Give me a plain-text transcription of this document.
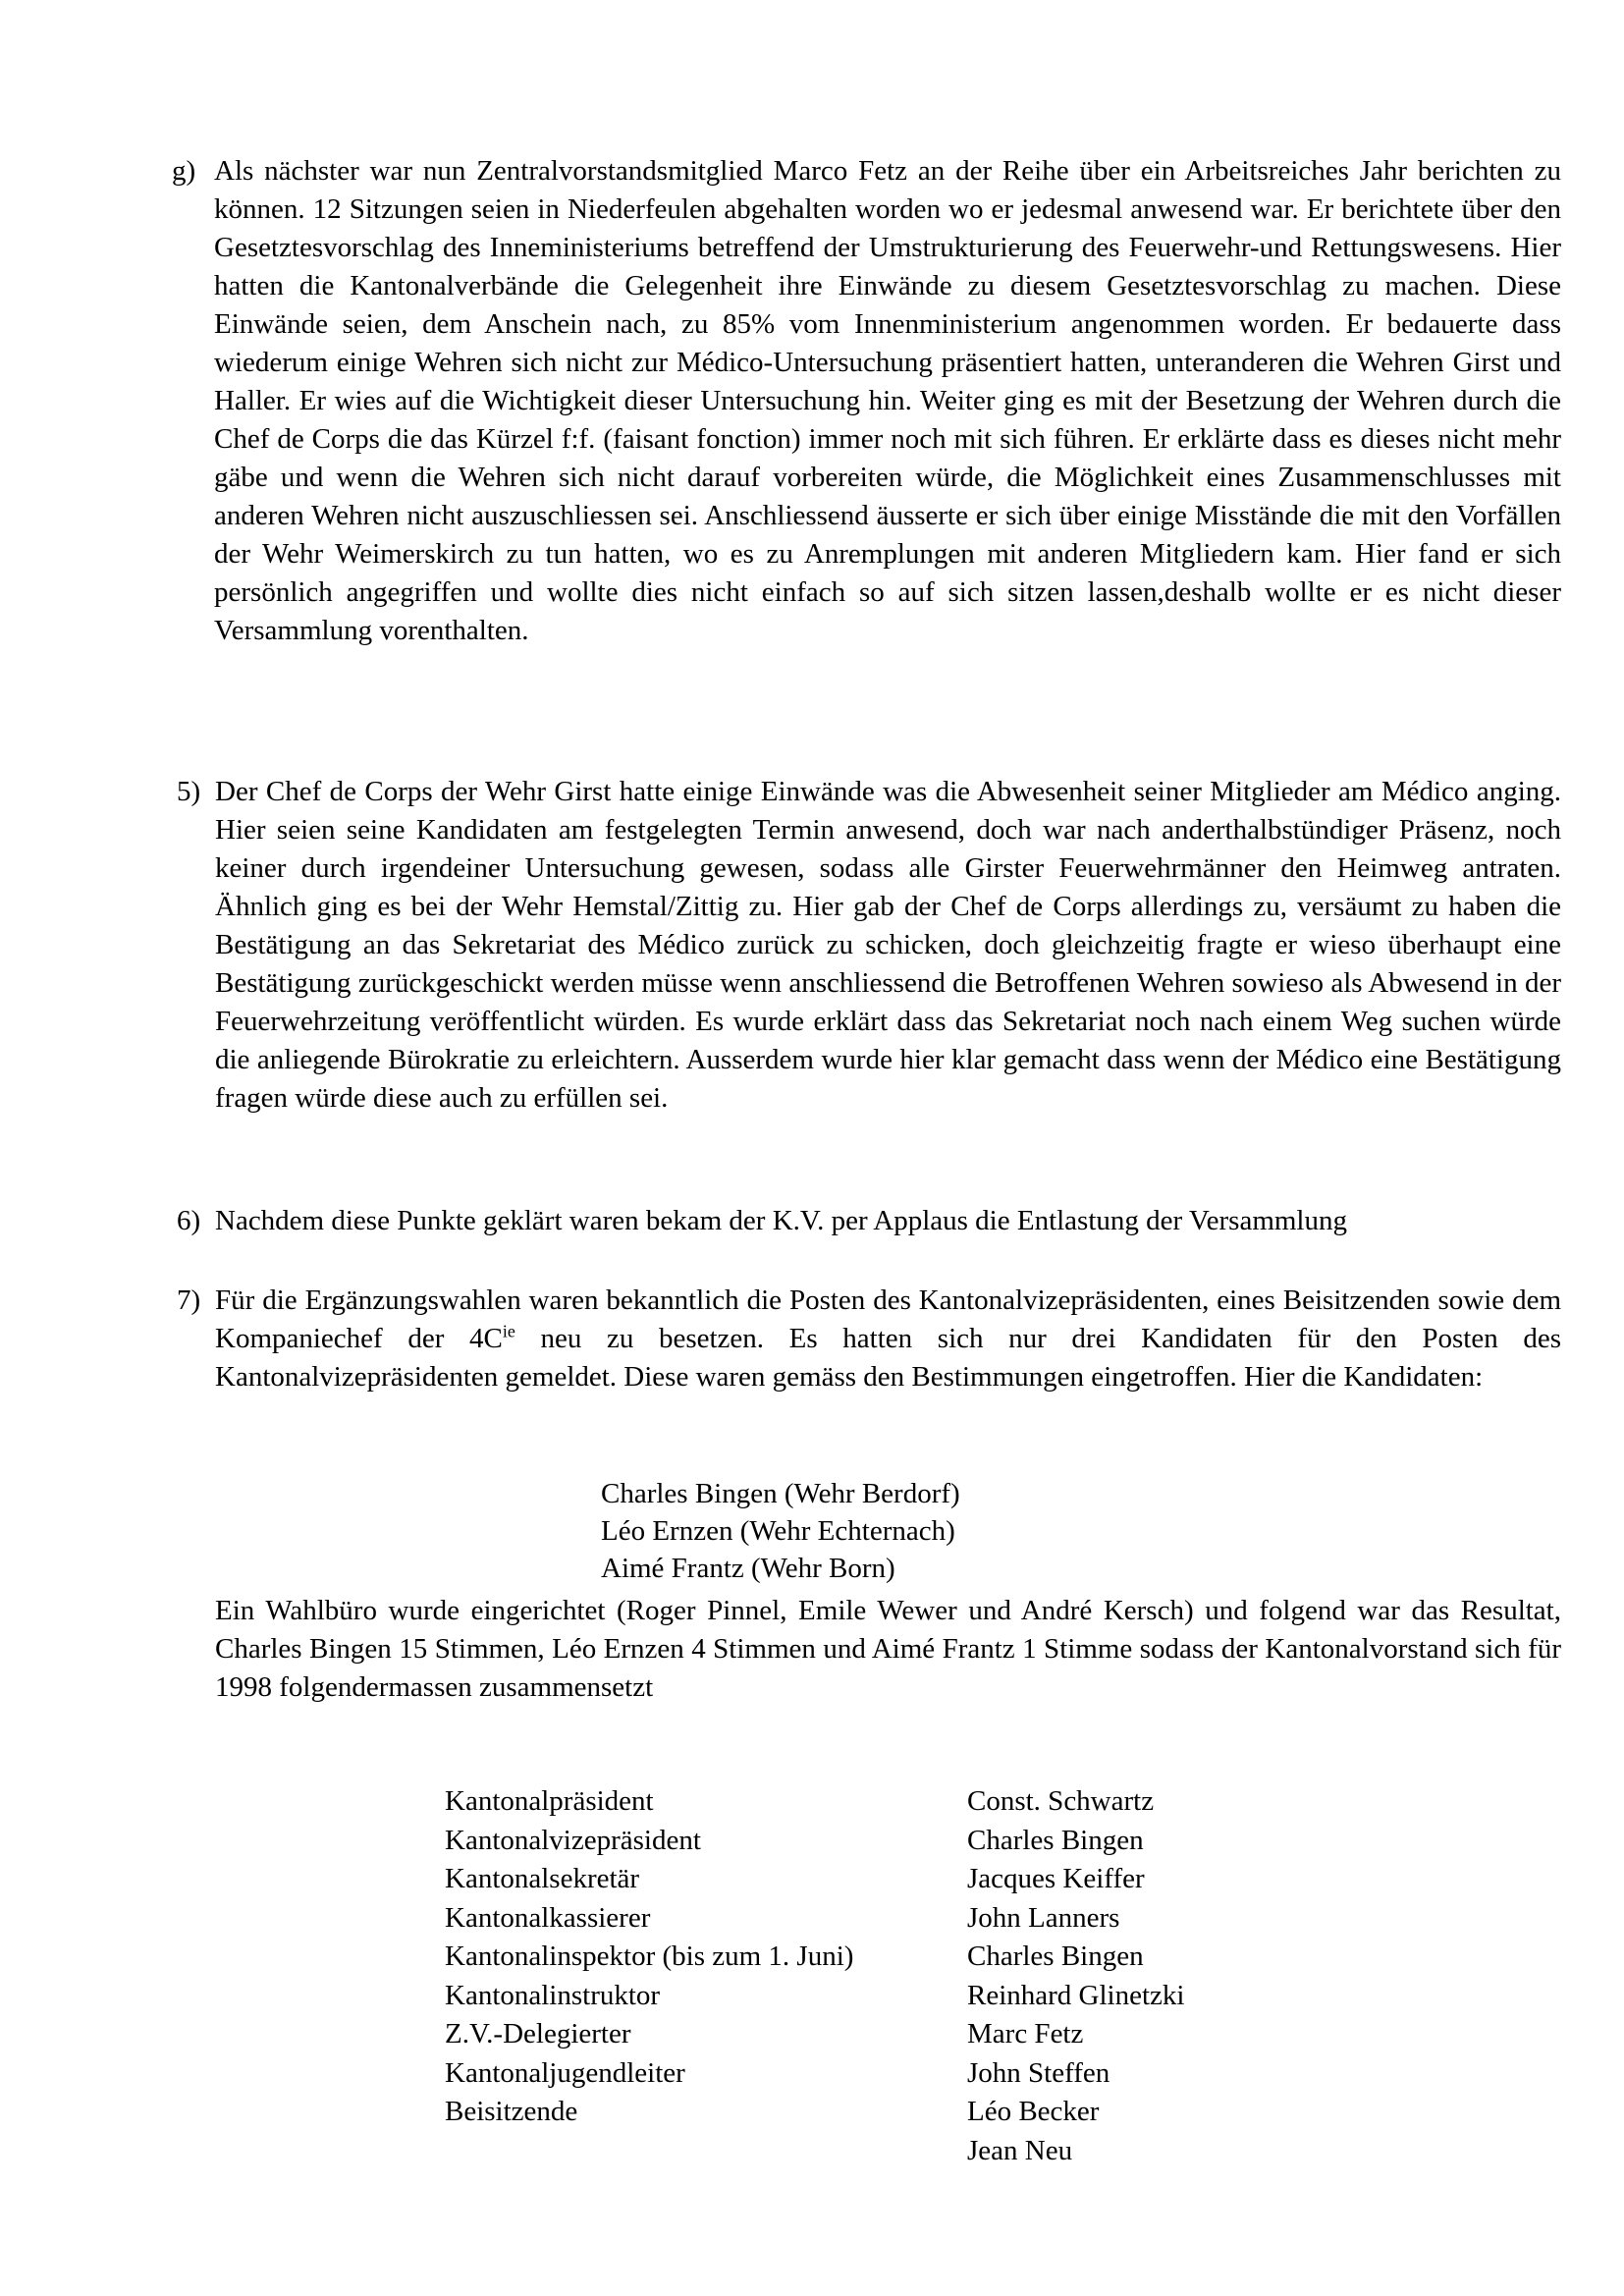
g) Als nächster war nun Zentralvorstandsmitglied Marco Fetz an der Reihe über ein Arbeitsreiches Jahr berichten zu können. 12 Sitzungen seien in Niederfeulen abgehalten worden wo er jedesmal anwesend war. Er berichtete über den Gesetztesvorschlag des Inneministeriums betreffend der Umstrukturierung des Feuerwehr-und Rettungswesens. Hier hatten die Kantonalverbände die Gelegenheit ihre Einwände zu diesem Gesetztesvorschlag zu machen. Diese Einwände seien, dem Anschein nach, zu 85% vom Innenministerium angenommen worden. Er bedauerte dass wiederum einige Wehren sich nicht zur Médico-Untersuchung präsentiert hatten, unteranderen die Wehren Girst und Haller. Er wies auf die Wichtigkeit dieser Untersuchung hin. Weiter ging es mit der Besetzung der Wehren durch die Chef de Corps die das Kürzel f:f. (faisant fonction) immer noch mit sich führen. Er erklärte dass es dieses nicht mehr gäbe und wenn die Wehren sich nicht darauf vorbereiten würde, die Möglichkeit eines Zusammenschlusses mit anderen Wehren nicht auszuschliessen sei. Anschliessend äusserte er sich über einige Misstände die mit den Vorfällen der Wehr Weimerskirch zu tun hatten, wo es zu Anremplungen mit anderen Mitgliedern kam. Hier fand er sich persönlich angegriffen und wollte dies nicht einfach so auf sich sitzen lassen,deshalb wollte er es nicht dieser Versammlung vorenthalten.

5) Der Chef de Corps der Wehr Girst hatte einige Einwände was die Abwesenheit seiner Mitglieder am Médico anging. Hier seien seine Kandidaten am festgelegten Termin anwesend, doch war nach anderthalbstündiger Präsenz, noch keiner durch irgendeiner Untersuchung gewesen, sodass alle Girster Feuerwehrmänner den Heimweg antraten. Ähnlich ging es bei der Wehr Hemstal/Zittig zu. Hier gab der Chef de Corps allerdings zu, versäumt zu haben die Bestätigung an das Sekretariat des Médico zurück zu schicken, doch gleichzeitig fragte er wieso überhaupt eine Bestätigung zurückgeschickt werden müsse wenn anschliessend die Betroffenen Wehren sowieso als Abwesend in der Feuerwehrzeitung veröffentlicht würden. Es wurde erklärt dass das Sekretariat noch nach einem Weg suchen würde die anliegende Bürokratie zu erleichtern. Ausserdem wurde hier klar gemacht dass wenn der Médico eine Bestätigung fragen würde diese auch zu erfüllen sei.

6) Nachdem diese Punkte geklärt waren bekam der K.V. per Applaus die Entlastung der Versammlung

7) Für die Ergänzungswahlen waren bekanntlich die Posten des Kantonalvizepräsidenten, eines Beisitzenden sowie dem Kompaniechef der $4C^{ie}$ neu zu besetzen. Es hatten sich nur drei Kandidaten für den Posten des Kantonalvizepräsidenten gemeldet. Diese waren gemäss den Bestimmungen eingetroffen. Hier die Kandidaten:

Charles Bingen (Wehr Berdorf)
Léo Ernzen (Wehr Echternach)
Aimé Frantz (Wehr Born)
Ein Wahlbüro wurde eingerichtet (Roger Pinnel, Emile Wewer und André Kersch) und folgend war das Resultat, Charles Bingen 15 Stimmen, Léo Ernzen 4 Stimmen und Aimé Frantz 1 Stimme sodass der Kantonalvorstand sich für 1998 folgendermassen zusammensetzt
Kantonalpräsident	Const. Schwartz
Kantonalvizepräsident	Charles Bingen
Kantonalsekretär	Jacques Keiffer
Kantonalkassierer	John Lanners
Kantonalinspektor (bis zum 1. Juni)	Charles Bingen
Kantonalinstruktor	Reinhard Glinetzki
Z.V.-Delegierter	Marc Fetz
Kantonaljugendleiter	John Steffen
Beisitzende	Léo Becker
Jean Neu
